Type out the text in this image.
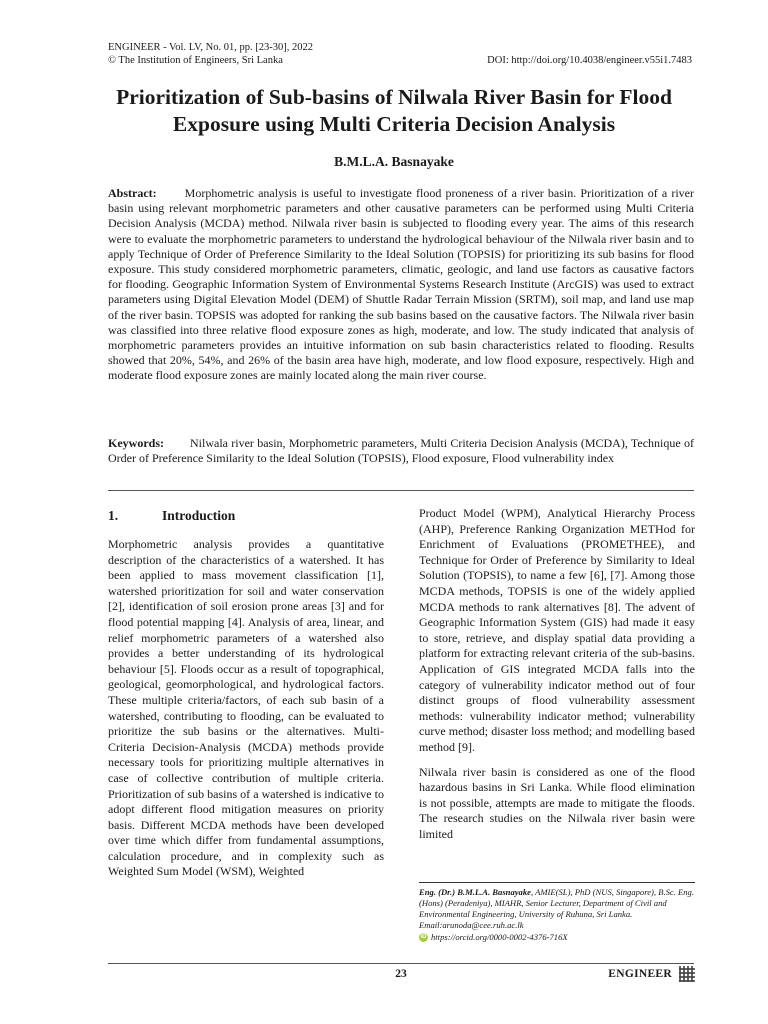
ENGINEER - Vol. LV, No. 01, pp. [23-30], 2022
© The Institution of Engineers, Sri Lanka	DOI: http://doi.org/10.4038/engineer.v55i1.7483
Prioritization of Sub-basins of Nilwala River Basin for Flood Exposure using Multi Criteria Decision Analysis
B.M.L.A. Basnayake
Abstract: Morphometric analysis is useful to investigate flood proneness of a river basin. Prioritization of a river basin using relevant morphometric parameters and other causative parameters can be performed using Multi Criteria Decision Analysis (MCDA) method. Nilwala river basin is subjected to flooding every year. The aims of this research were to evaluate the morphometric parameters to understand the hydrological behaviour of the Nilwala river basin and to apply Technique of Order of Preference Similarity to the Ideal Solution (TOPSIS) for prioritizing its sub basins for flood exposure. This study considered morphometric parameters, climatic, geologic, and land use factors as causative factors for flooding. Geographic Information System of Environmental Systems Research Institute (ArcGIS) was used to extract parameters using Digital Elevation Model (DEM) of Shuttle Radar Terrain Mission (SRTM), soil map, and land use map of the river basin. TOPSIS was adopted for ranking the sub basins based on the causative factors. The Nilwala river basin was classified into three relative flood exposure zones as high, moderate, and low. The study indicated that analysis of morphometric parameters provides an intuitive information on sub basin characteristics related to flooding. Results showed that 20%, 54%, and 26% of the basin area have high, moderate, and low flood exposure, respectively. High and moderate flood exposure zones are mainly located along the main river course.
Keywords: Nilwala river basin, Morphometric parameters, Multi Criteria Decision Analysis (MCDA), Technique of Order of Preference Similarity to the Ideal Solution (TOPSIS), Flood exposure, Flood vulnerability index
1.	Introduction

Morphometric analysis provides a quantitative description of the characteristics of a watershed. It has been applied to mass movement classification [1], watershed prioritization for soil and water conservation [2], identification of soil erosion prone areas [3] and for flood potential mapping [4]. Analysis of area, linear, and relief morphometric parameters of a watershed also provides a better understanding of its hydrological behaviour [5]. Floods occur as a result of topographical, geological, geomorphological, and hydrological factors. These multiple criteria/factors, of each sub basin of a watershed, contributing to flooding, can be evaluated to prioritize the sub basins or the alternatives. Multi-Criteria Decision-Analysis (MCDA) methods provide necessary tools for prioritizing multiple alternatives in case of collective contribution of multiple criteria. Prioritization of sub basins of a watershed is indicative to adopt different flood mitigation measures on priority basis. Different MCDA methods have been developed over time which differ from fundamental assumptions, calculation procedure, and in complexity such as Weighted Sum Model (WSM), Weighted

Product Model (WPM), Analytical Hierarchy Process (AHP), Preference Ranking Organization METHod for Enrichment of Evaluations (PROMETHEE), and Technique for Order of Preference by Similarity to Ideal Solution (TOPSIS), to name a few [6], [7]. Among those MCDA methods, TOPSIS is one of the widely applied MCDA methods to rank alternatives [8]. The advent of Geographic Information System (GIS) had made it easy to store, retrieve, and display spatial data providing a platform for extracting relevant criteria of the sub-basins. Application of GIS integrated MCDA falls into the category of vulnerability indicator method out of four distinct groups of flood vulnerability assessment methods: vulnerability indicator method; vulnerability curve method; disaster loss method; and modelling based method [9].

Nilwala river basin is considered as one of the flood hazardous basins in Sri Lanka. While flood elimination is not possible, attempts are made to mitigate the floods. The research studies on the Nilwala river basin were limited

Eng. (Dr.) B.M.L.A. Basnayake, AMIE(SL), PhD (NUS, Singapore), B.Sc. Eng. (Hons) (Peradeniya), MIAHR, Senior Lecturer, Department of Civil and Environmental Engineering, University of Ruhuna, Sri Lanka.
Email:arunoda@cee.ruh.ac.lk
iD https://orcid.org/0000-0002-4376-716X
23	ENGINEER
